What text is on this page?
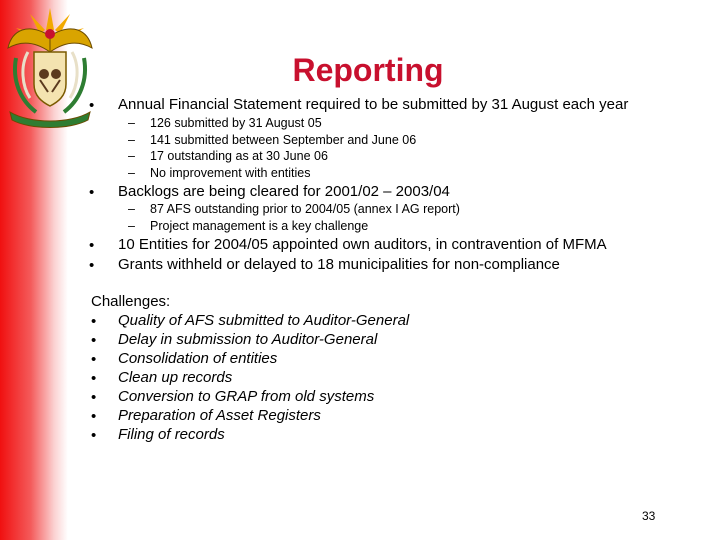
Reporting
• Annual Financial Statement required to be submitted by 31 August each year
– 126 submitted by 31 August 05
– 141 submitted between September and June 06
– 17 outstanding as at 30 June 06
– No improvement with entities
• Backlogs are being cleared for 2001/02 – 2003/04
– 87 AFS outstanding prior to 2004/05 (annex I AG report)
– Project management is a key challenge
• 10 Entities for 2004/05 appointed own auditors, in contravention of MFMA
• Grants withheld or delayed to 18 municipalities for non-compliance
Challenges:
• Quality of AFS submitted to Auditor-General
• Delay in submission to Auditor-General
• Consolidation of entities
• Clean up records
• Conversion to GRAP from old systems
• Preparation of Asset Registers
• Filing of records
33
